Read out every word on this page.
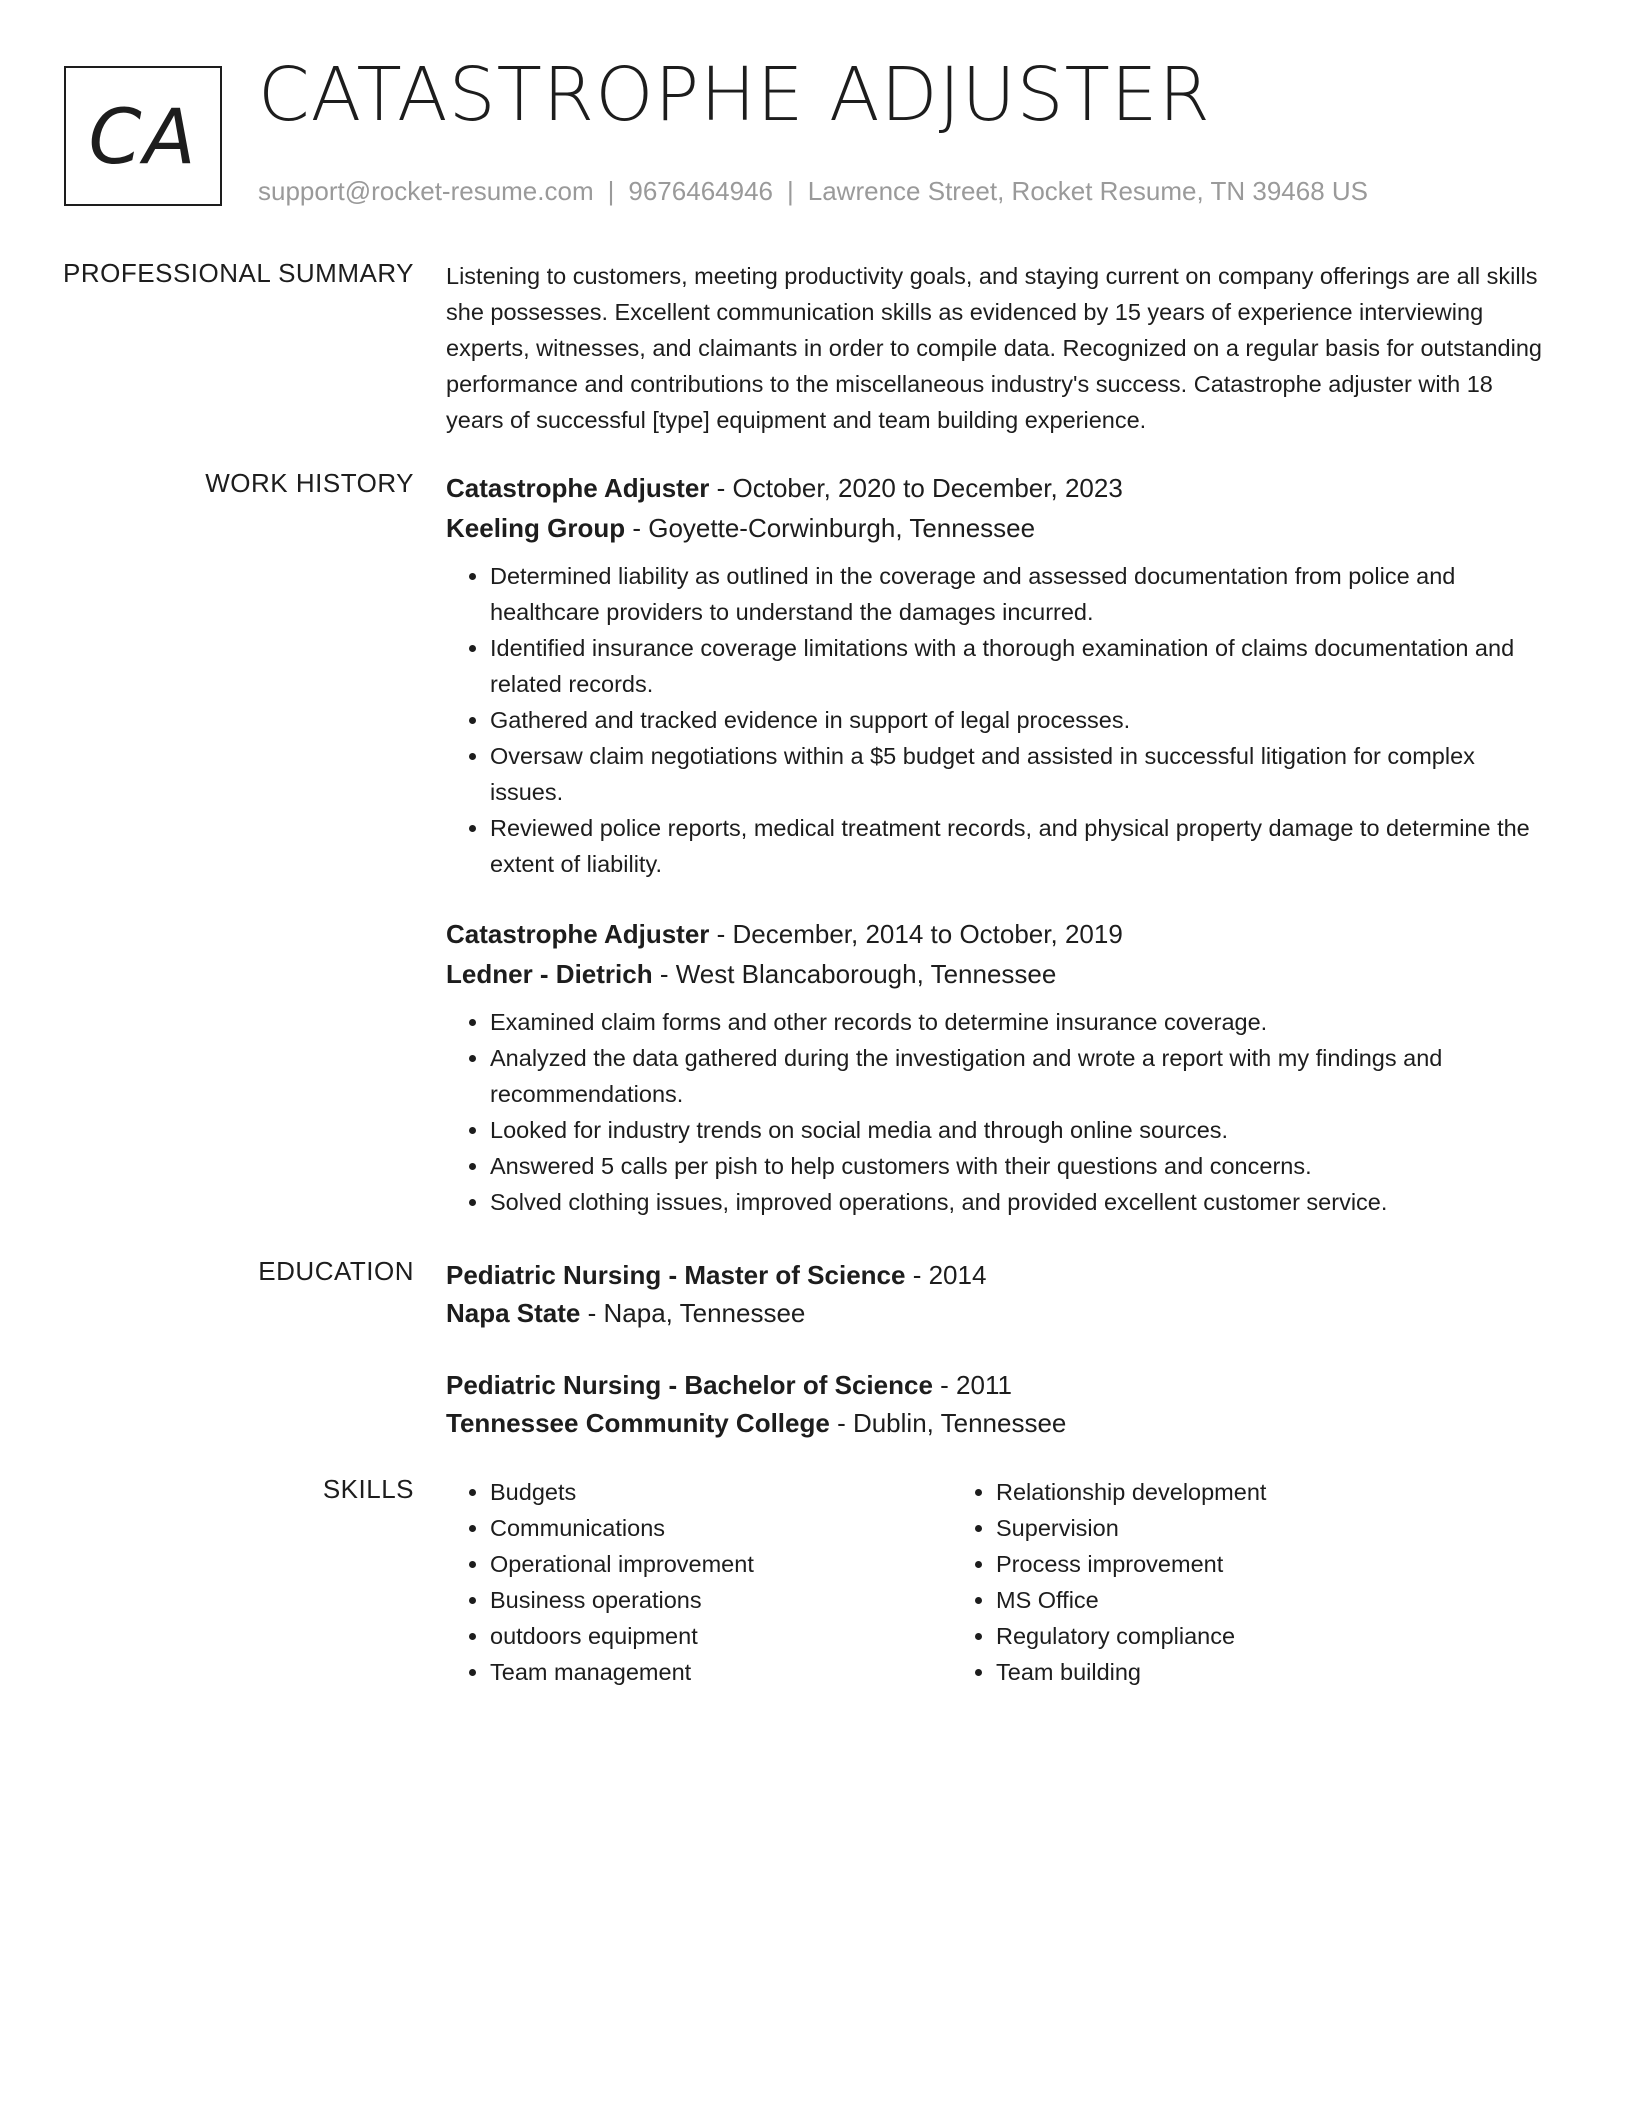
CA CATASTROPHE ADJUSTER
support@rocket-resume.com | 9676464946 | Lawrence Street, Rocket Resume, TN 39468 US
PROFESSIONAL SUMMARY Listening to customers, meeting productivity goals, and staying current on company offerings are all skills she possesses. Excellent communication skills as evidenced by 15 years of experience interviewing experts, witnesses, and claimants in order to compile data. Recognized on a regular basis for outstanding performance and contributions to the miscellaneous industry's success. Catastrophe adjuster with 18 years of successful [type] equipment and team building experience.

WORK HISTORY Catastrophe Adjuster - October, 2020 to December, 2023
Keeling Group - Goyette-Corwinburgh, Tennessee
• Determined liability as outlined in the coverage and assessed documentation from police and healthcare providers to understand the damages incurred.
• Identified insurance coverage limitations with a thorough examination of claims documentation and related records.
• Gathered and tracked evidence in support of legal processes.
• Oversaw claim negotiations within a $5 budget and assisted in successful litigation for complex issues.
• Reviewed police reports, medical treatment records, and physical property damage to determine the extent of liability.
Catastrophe Adjuster - December, 2014 to October, 2019
Ledner - Dietrich - West Blancaborough, Tennessee
• Examined claim forms and other records to determine insurance coverage.
• Analyzed the data gathered during the investigation and wrote a report with my findings and recommendations.
• Looked for industry trends on social media and through online sources.
• Answered 5 calls per pish to help customers with their questions and concerns.
• Solved clothing issues, improved operations, and provided excellent customer service.
EDUCATION Pediatric Nursing - Master of Science - 2014
Napa State - Napa, Tennessee
Pediatric Nursing - Bachelor of Science - 2011
Tennessee Community College - Dublin, Tennessee
SKILLS
•	Budgets
• Communications
• Operational improvement
• Business operations
• outdoors equipment
• Team management
• Relationship development
• Supervision
• Process improvement
• MS Office
• Regulatory compliance
• Team building
